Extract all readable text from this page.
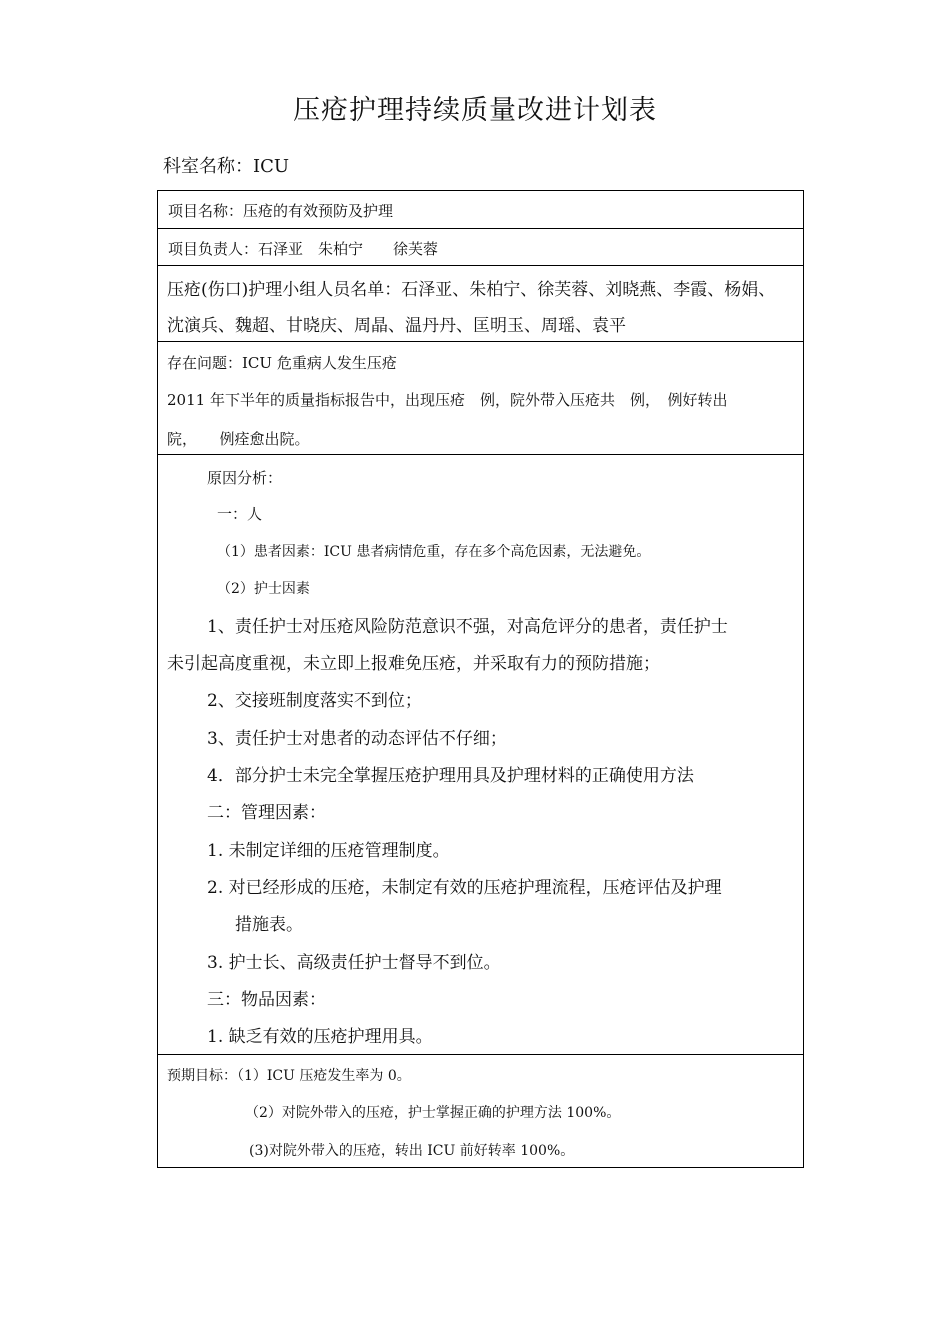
压疮护理持续质量改进计划表
科室名称：ICU
项目名称：压疮的有效预防及护理
项目负责人：石泽亚　朱柏宁　　徐芙蓉
压疮(伤口)护理小组人员名单：石泽亚、朱柏宁、徐芙蓉、刘晓燕、李霞、杨娟、
沈演兵、魏超、甘晓庆、周晶、温丹丹、匡明玉、周瑶、袁平
存在问题：ICU 危重病人发生压疮
2011 年下半年的质量指标报告中，出现压疮　例，院外带入压疮共　例，　例好转出
院，　　例痊愈出院。
原因分析：
一：人
（1）患者因素：ICU 患者病情危重，存在多个高危因素，无法避免。
（2）护士因素
1、责任护士对压疮风险防范意识不强，对高危评分的患者，责任护士
未引起高度重视，未立即上报难免压疮，并采取有力的预防措施；
2、交接班制度落实不到位；
3、责任护士对患者的动态评估不仔细；
4．部分护士未完全掌握压疮护理用具及护理材料的正确使用方法
二：管理因素：
1. 未制定详细的压疮管理制度。
2. 对已经形成的压疮，未制定有效的压疮护理流程，压疮评估及护理
措施表。
3. 护士长、高级责任护士督导不到位。
三：物品因素：
1. 缺乏有效的压疮护理用具。
预期目标：（1）ICU 压疮发生率为 0。
（2）对院外带入的压疮，护士掌握正确的护理方法 100%。
(3)对院外带入的压疮，转出 ICU 前好转率 100%。
